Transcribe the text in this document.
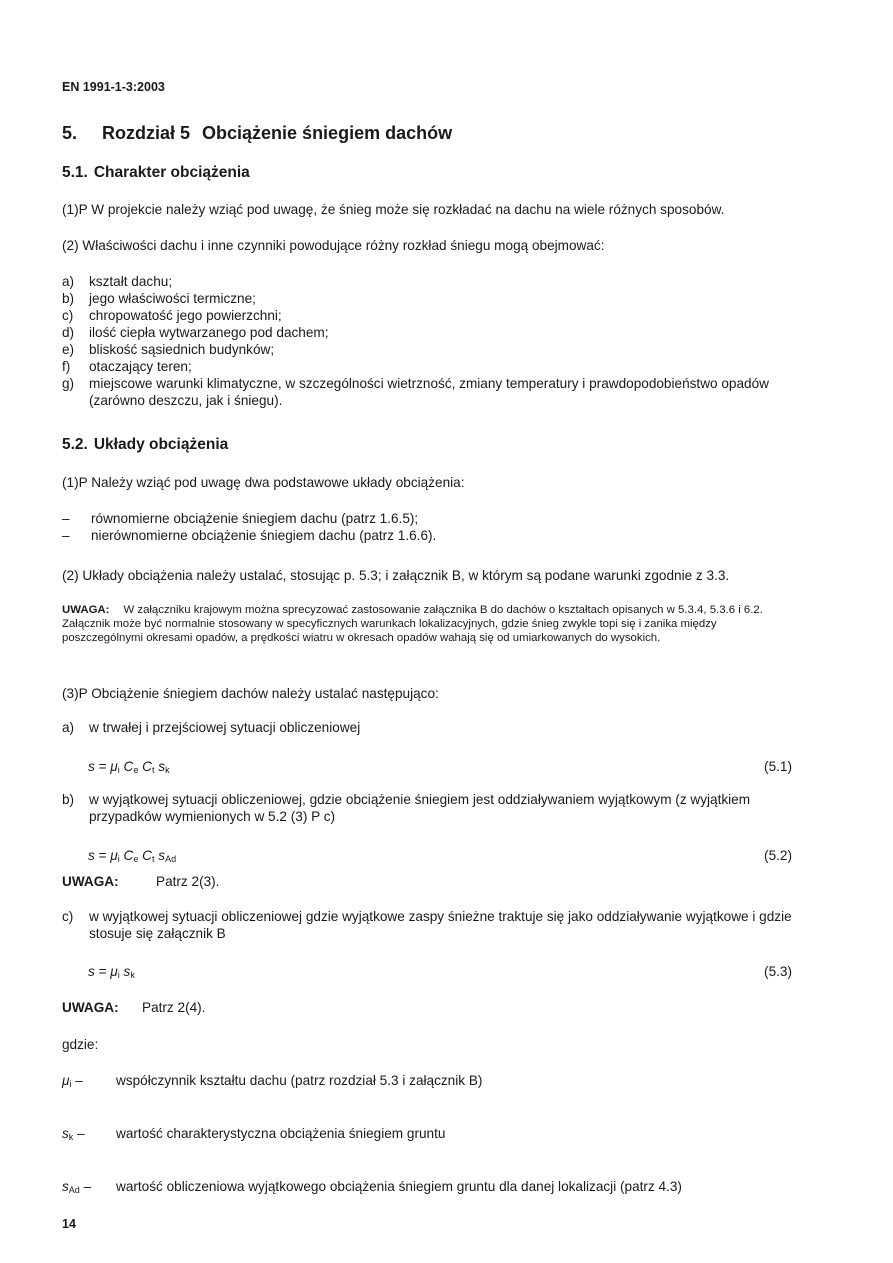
EN 1991-1-3:2003
5. Rozdział 5 Obciążenie śniegiem dachów
5.1. Charakter obciążenia
(1)P W projekcie należy wziąć pod uwagę, że śnieg może się rozkładać na dachu na wiele różnych sposobów.
(2) Właściwości dachu i inne czynniki powodujące różny rozkład śniegu mogą obejmować:
a) kształt dachu;
b) jego właściwości termiczne;
c) chropowatość jego powierzchni;
d) ilość ciepła wytwarzanego pod dachem;
e) bliskość sąsiednich budynków;
f) otaczający teren;
g) miejscowe warunki klimatyczne, w szczególności wietrzność, zmiany temperatury i prawdopodobieństwo opadów (zarówno deszczu, jak i śniegu).
5.2. Układy obciążenia
(1)P Należy wziąć pod uwagę dwa podstawowe układy obciążenia:
– równomierne obciążenie śniegiem dachu (patrz 1.6.5);
– nierównomierne obciążenie śniegiem dachu (patrz 1.6.6).
(2) Układy obciążenia należy ustalać, stosując p. 5.3; i załącznik B, w którym są podane warunki zgodnie z 3.3.
UWAGA: W załączniku krajowym można sprecyzować zastosowanie załącznika B do dachów o kształtach opisanych w 5.3.4, 5.3.6 i 6.2. Załącznik może być normalnie stosowany w specyficznych warunkach lokalizacyjnych, gdzie śnieg zwykle topi się i zanika między poszczególnymi okresami opadów, a prędkości wiatru w okresach opadów wahają się od umiarkowanych do wysokich.
(3)P Obciążenie śniegiem dachów należy ustalać następująco:
a) w trwałej i przejściowej sytuacji obliczeniowej
$s = \mu_i$ $C_e$ $C_t$ $s_k$	(5.1)
b) w wyjątkowej sytuacji obliczeniowej, gdzie obciążenie śniegiem jest oddziaływaniem wyjątkowym (z wyjątkiem przypadków wymienionych w 5.2 (3) P c)
$s = \mu_i$ $C_e$ $C_t$ $s_{Ad}$	(5.2)
UWAGA:	Patrz 2(3).
c) w wyjątkowej sytuacji obliczeniowej gdzie wyjątkowe zaspy śnieżne traktuje się jako oddziaływanie wyjątkowe i gdzie stosuje się załącznik B
$s = \mu_i$ $s_k$	(5.3)
UWAGA: Patrz 2(4).
gdzie:
$\mu_i$ – współczynnik kształtu dachu (patrz rozdział 5.3 i załącznik B)
$s_k$ – wartość charakterystyczna obciążenia śniegiem gruntu
$s_{Ad}$ – wartość obliczeniowa wyjątkowego obciążenia śniegiem gruntu dla danej lokalizacji (patrz 4.3)
14
